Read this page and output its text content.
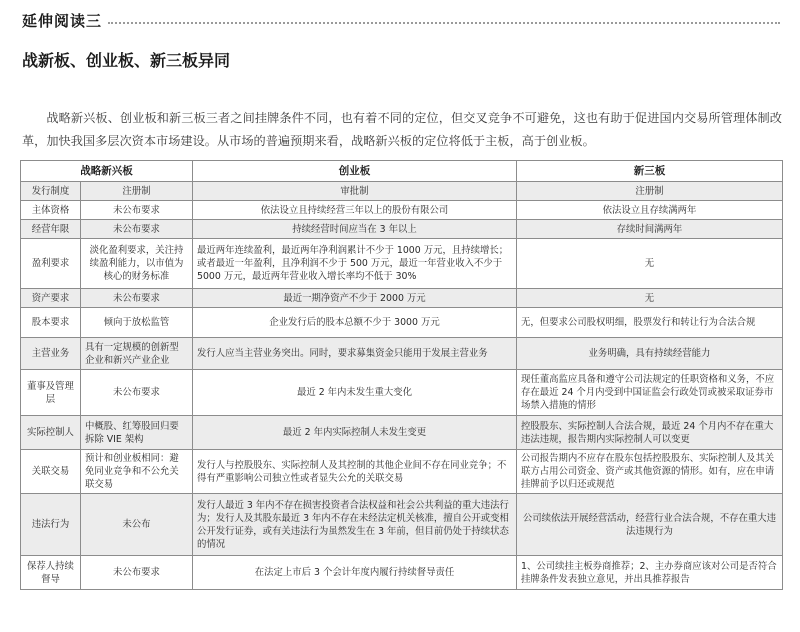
延伸阅读三
战新板、创业板、新三板异同

战略新兴板、创业板和新三板三者之间挂牌条件不同，也有着不同的定位，但交叉竞争不可避免，这也有助于促进国内交易所管理体制改革，加快我国多层次资本市场建设。从市场的普遍预期来看，战略新兴板的定位将低于主板，高于创业板。

战略新兴板		创业板	新三板
发行制度	注册制	审批制	注册制
主体资格	未公布要求	依法设立且持续经营三年以上的股份有限公司	依法设立且存续满两年
经营年限	未公布要求	持续经营时间应当在 3 年以上	存续时间满两年
盈利要求	淡化盈利要求，关注持续盈利能力，以市值为核心的财务标准	最近两年连续盈利，最近两年净利润累计不少于 1000 万元，且持续增长；或者最近一年盈利，且净利润不少于 500 万元，最近一年营业收入不少于 5000 万元，最近两年营业收入增长率均不低于 30%	无
资产要求	未公布要求	最近一期净资产不少于 2000 万元	无
股本要求	倾向于放松监管	企业发行后的股本总额不少于 3000 万元	无，但要求公司股权明细，股票发行和转让行为合法合规
主营业务	具有一定规模的创新型企业和新兴产业企业	发行人应当主营业务突出。同时，要求募集资金只能用于发展主营业务	业务明确，具有持续经营能力
董事及管理层	未公布要求	最近 2 年内未发生重大变化	现任董高监应具备和遵守公司法规定的任职资格和义务，不应存在最近 24 个月内受到中国证监会行政处罚或被采取证券市场禁入措施的情形
实际控制人	中概股、红筹股回归要拆除 VIE 架构	最近 2 年内实际控制人未发生变更	控股股东、实际控制人合法合规，最近 24 个月内不存在重大违法违规，报告期内实际控制人可以变更
关联交易	预计和创业板相同：避免同业竞争和不公允关联交易	发行人与控股股东、实际控制人及其控制的其他企业间不存在同业竞争；不得有严重影响公司独立性或者显失公允的关联交易	公司报告期内不应存在股东包括控股股东、实际控制人及其关联方占用公司资金、资产或其他资源的情形。如有，应在申请挂牌前予以归还或规范
违法行为	未公布	发行人最近 3 年内不存在损害投资者合法权益和社会公共利益的重大违法行为；发行人及其股东最近 3 年内不存在未经法定机关核准，擅自公开或变相公开发行证券，或有关违法行为虽然发生在 3 年前，但目前仍处于持续状态的情况	公司续依法开展经营活动，经营行业合法合规，不存在重大违法违规行为
保荐人持续督导	未公布要求	在法定上市后 3 个会计年度内履行持续督导责任	1、公司续挂主板券商推荐；2、主办券商应该对公司是否符合挂牌条件发表独立意见，并出具推荐报告
